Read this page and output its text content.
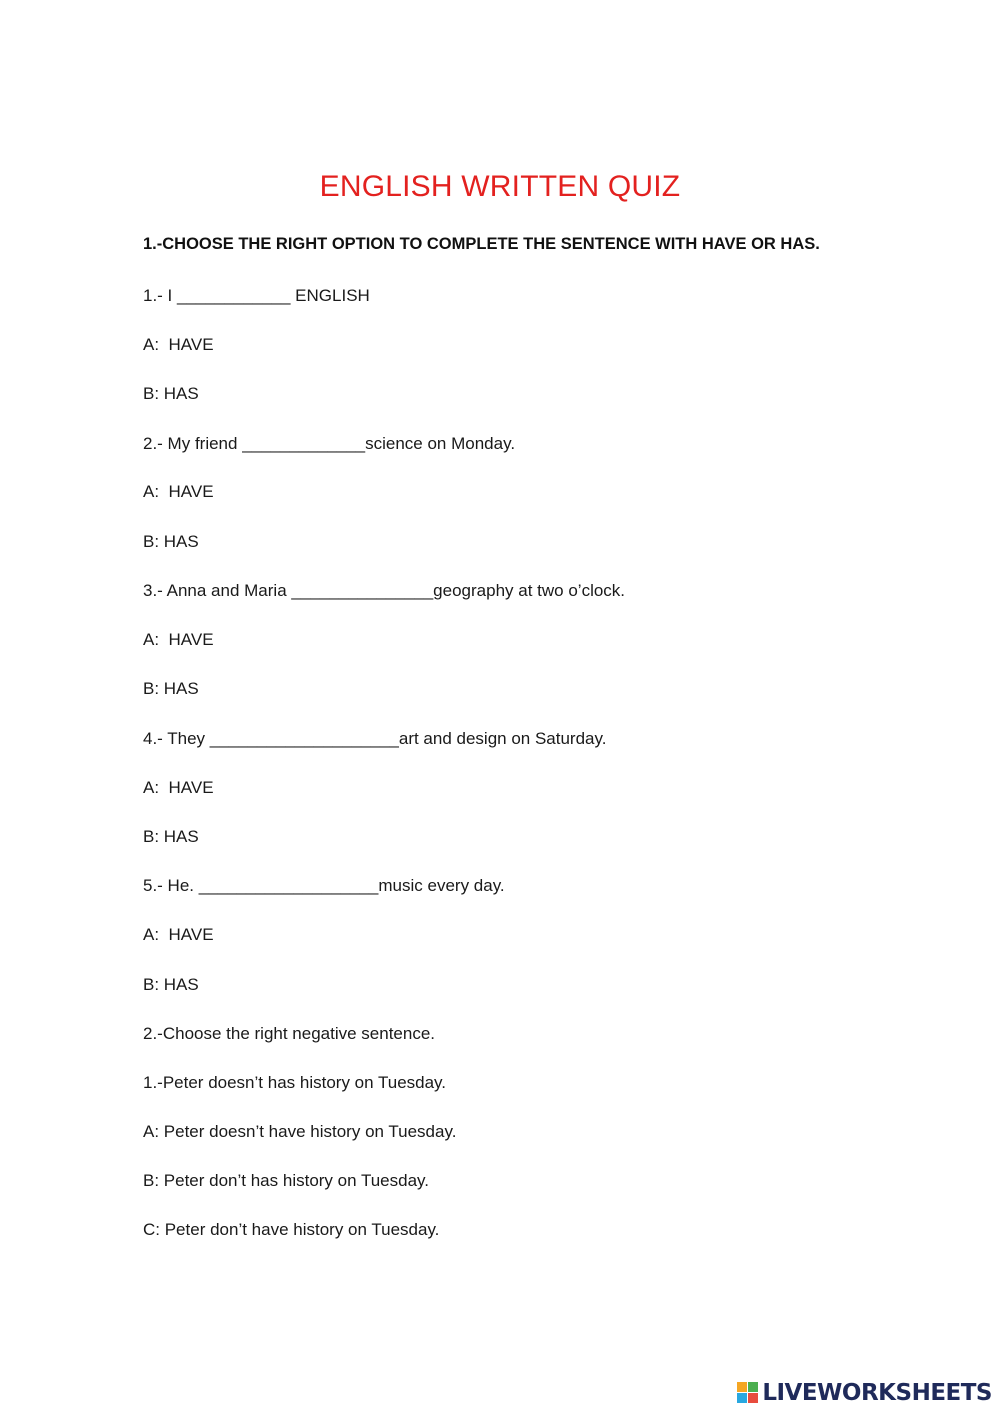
ENGLISH WRITTEN QUIZ
1.-CHOOSE THE RIGHT OPTION TO COMPLETE THE SENTENCE WITH HAVE OR HAS.
1.- I ____________ ENGLISH
A:  HAVE
B: HAS
2.- My friend _____________science on Monday.
A:  HAVE
B: HAS
3.- Anna and Maria _______________geography at two o’clock.
A:  HAVE
B: HAS
4.- They ____________________art and design on Saturday.
A:  HAVE
B: HAS
5.- He. ___________________music every day.
A:  HAVE
B: HAS
2.-Choose the right negative sentence.
1.-Peter doesn’t has history on Tuesday.
A: Peter doesn’t have history on Tuesday.
B: Peter don’t has history on Tuesday.
C: Peter don’t have history on Tuesday.
LIVEWORKSHEETS
